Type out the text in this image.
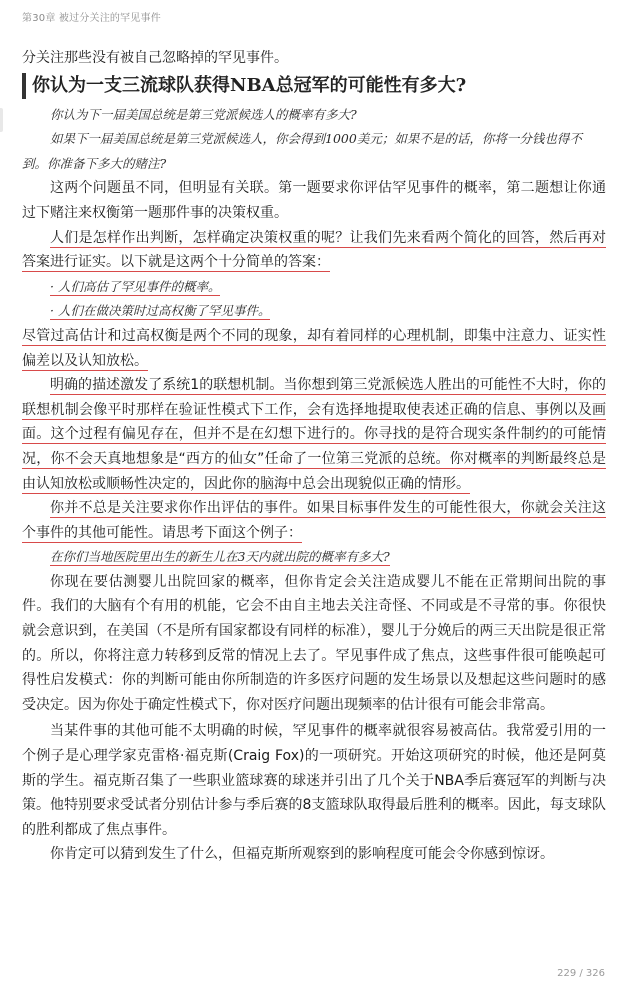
第30章 被过分关注的罕见事件

分关注那些没有被自己忽略掉的罕见事件。

你认为一支三流球队获得NBA总冠军的可能性有多大?

你认为下一届美国总统是第三党派候选人的概率有多大?

如果下一届美国总统是第三党派候选人，你会得到1000美元；如果不是的话，你将一分钱也得不到。你准备下多大的赌注?

这两个问题虽不同，但明显有关联。第一题要求你评估罕见事件的概率，第二题想让你通过下赌注来权衡第一题那件事的决策权重。

人们是怎样作出判断，怎样确定决策权重的呢？让我们先来看两个简化的回答，然后再对答案进行证实。以下就是这两个十分简单的答案：

· 人们高估了罕见事件的概率。

· 人们在做决策时过高权衡了罕见事件。

尽管过高估计和过高权衡是两个不同的现象，却有着同样的心理机制，即集中注意力、证实性偏差以及认知放松。

明确的描述激发了系统1的联想机制。当你想到第三党派候选人胜出的可能性不大时，你的联想机制会像平时那样在验证性模式下工作，会有选择地提取使表述正确的信息、事例以及画面。这个过程有偏见存在，但并不是在幻想下进行的。你寻找的是符合现实条件制约的可能情况，你不会天真地想象是“西方的仙女”任命了一位第三党派的总统。你对概率的判断最终总是由认知放松或顺畅性决定的，因此你的脑海中总会出现貌似正确的情形。

你并不总是关注要求你作出评估的事件。如果目标事件发生的可能性很大，你就会关注这个事件的其他可能性。请思考下面这个例子：

在你们当地医院里出生的新生儿在3天内就出院的概率有多大?

你现在要估测婴儿出院回家的概率，但你肯定会关注造成婴儿不能在正常期间出院的事件。我们的大脑有个有用的机能，它会不由自主地去关注奇怪、不同或是不寻常的事。你很快就会意识到，在美国（不是所有国家都设有同样的标准），婴儿于分娩后的两三天出院是很正常的。所以，你将注意力转移到反常的情况上去了。罕见事件成了焦点，这些事件很可能唤起可得性启发模式：你的判断可能由你所制造的许多医疗问题的发生场景以及想起这些问题时的感受决定。因为你处于确定性模式下，你对医疗问题出现频率的估计很有可能会非常高。

当某件事的其他可能不太明确的时候，罕见事件的概率就很容易被高估。我常爱引用的一个例子是心理学家克雷格·福克斯(Craig Fox)的一项研究。开始这项研究的时候，他还是阿莫斯的学生。福克斯召集了一些职业篮球赛的球迷并引出了几个关于NBA季后赛冠军的判断与决策。他特别要求受试者分别估计参与季后赛的8支篮球队取得最后胜利的概率。因此，每支球队的胜利都成了焦点事件。

你肯定可以猜到发生了什么，但福克斯所观察到的影响程度可能会令你感到惊讶。

229 / 326
